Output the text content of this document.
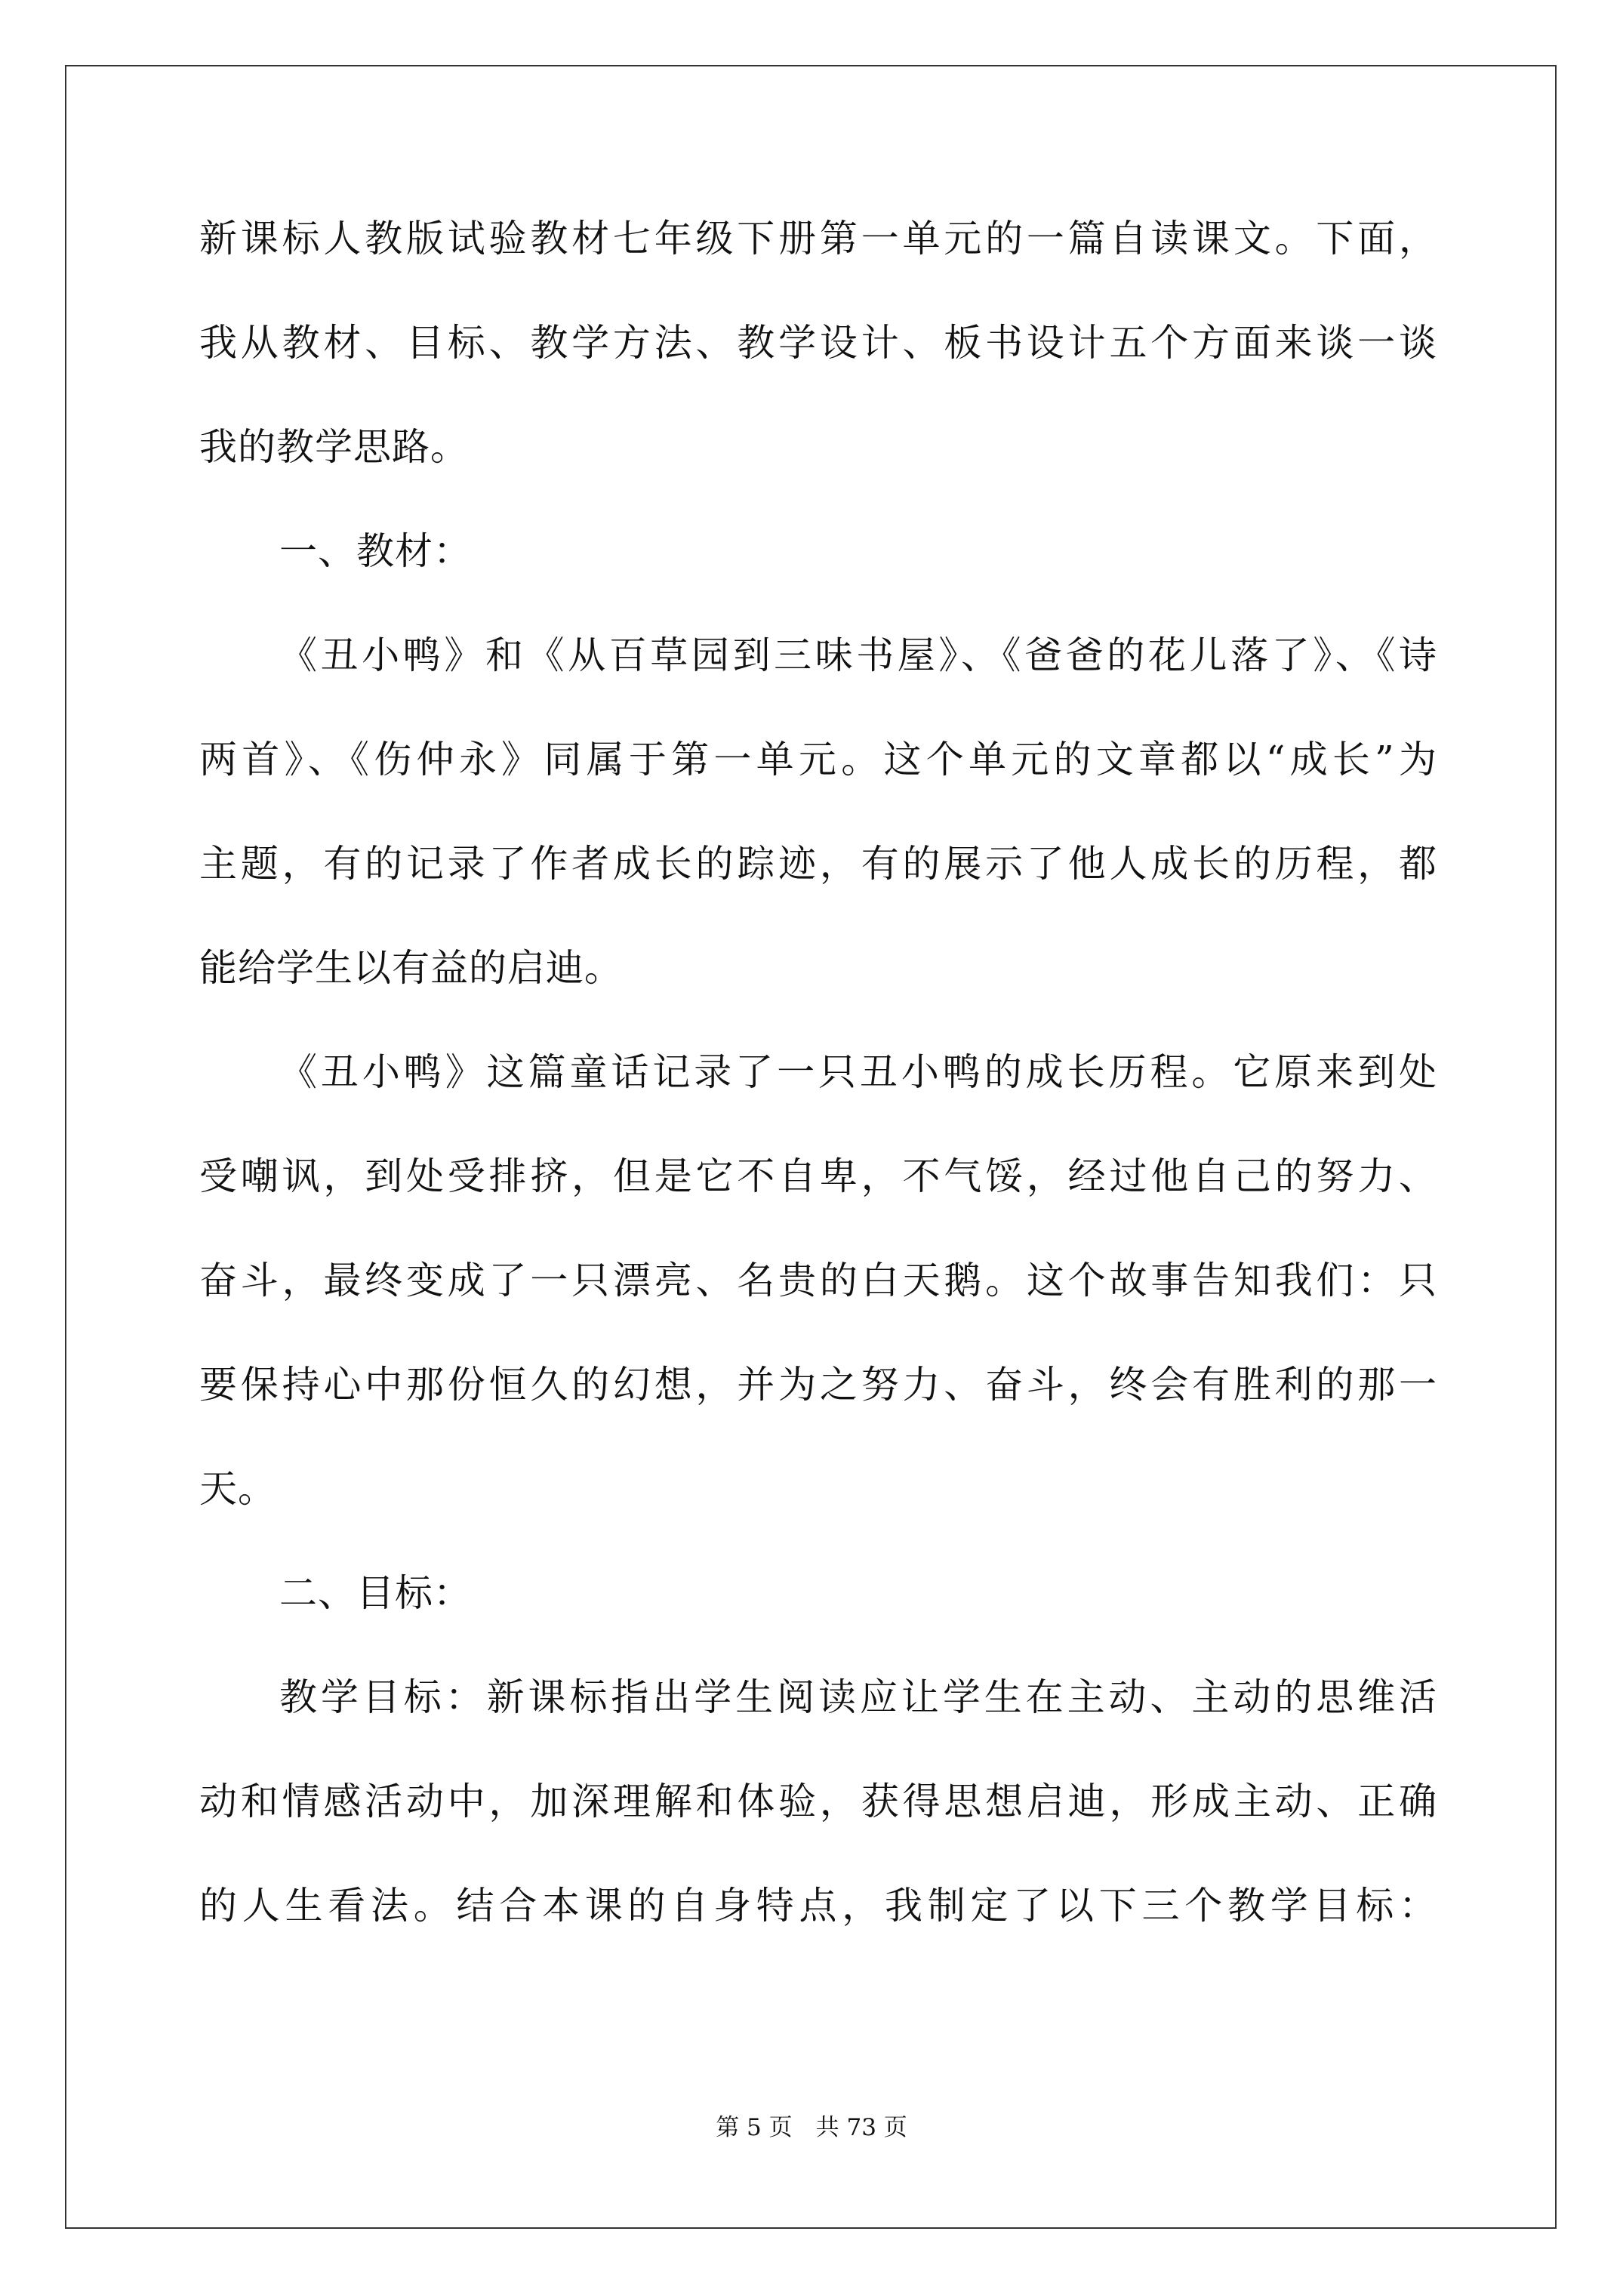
新课标人教版试验教材七年级下册第一单元的一篇自读课文。下面，
我从教材、目标、教学方法、教学设计、板书设计五个方面来谈一谈
我的教学思路。
一、教材：
《丑小鸭》和《从百草园到三味书屋》、《爸爸的花儿落了》、《诗
两首》、《伤仲永》同属于第一单元。这个单元的文章都以“成长”为
主题，有的记录了作者成长的踪迹，有的展示了他人成长的历程，都
能给学生以有益的启迪。
《丑小鸭》这篇童话记录了一只丑小鸭的成长历程。它原来到处
受嘲讽，到处受排挤，但是它不自卑，不气馁，经过他自己的努力、
奋斗，最终变成了一只漂亮、名贵的白天鹅。这个故事告知我们：只
要保持心中那份恒久的幻想，并为之努力、奋斗，终会有胜利的那一
天。
二、目标：
教学目标：新课标指出学生阅读应让学生在主动、主动的思维活
动和情感活动中，加深理解和体验，获得思想启迪，形成主动、正确
的人生看法。结合本课的自身特点，我制定了以下三个教学目标：
第 5 页　共 73 页
